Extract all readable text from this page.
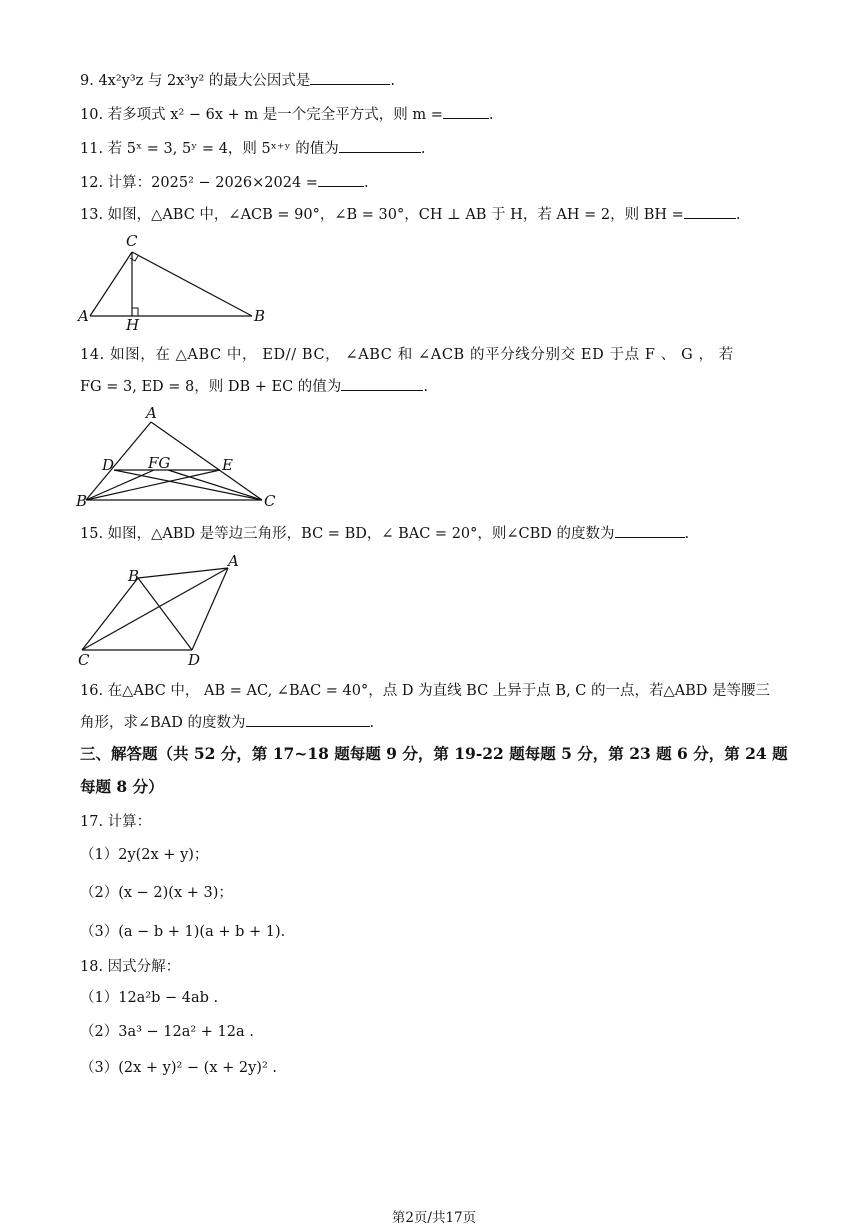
9. 4x²y³z 与 2x³y² 的最大公因式是	.
10. 若多项式 x² − 6x + m 是一个完全平方式，则 m =	.
11. 若 5ˣ = 3, 5ʸ = 4，则 5ˣ⁺ʸ 的值为	.
12. 计算：2025² − 2026×2024 =	.
13. 如图，△ABC 中，∠ACB = 90°，∠B = 30°，CH ⊥ AB 于 H，若 AH = 2，则 BH =	.
C
A H	B
14. 如图，在 △ABC 中， ED// BC， ∠ABC 和 ∠ACB 的平分线分别交 ED 于点 F 、 G ， 若
FG = 3, ED = 8，则 DB + EC 的值为	.
A
D FG	E
B	C
15. 如图，△ABD 是等边三角形，BC = BD，∠ BAC = 20°，则∠CBD 的度数为	.
B
A
C	D
16. 在△ABC 中， AB = AC, ∠BAC = 40°，点 D 为直线 BC 上异于点 B, C 的一点，若△ABD 是等腰三
角形，求∠BAD 的度数为	.
三、解答题（共 52 分，第 17~18 题每题 9 分，第 19-22 题每题 5 分，第 23 题 6 分，第 24 题
每题 8 分）
17. 计算：
（1）2y(2x + y)；
（2）(x − 2)(x + 3)；
（3）(a − b + 1)(a + b + 1).
18. 因式分解：
（1）12a²b − 4ab .
（2）3a³ − 12a² + 12a .
（3）(2x + y)² − (x + 2y)² .
第2页/共17页
